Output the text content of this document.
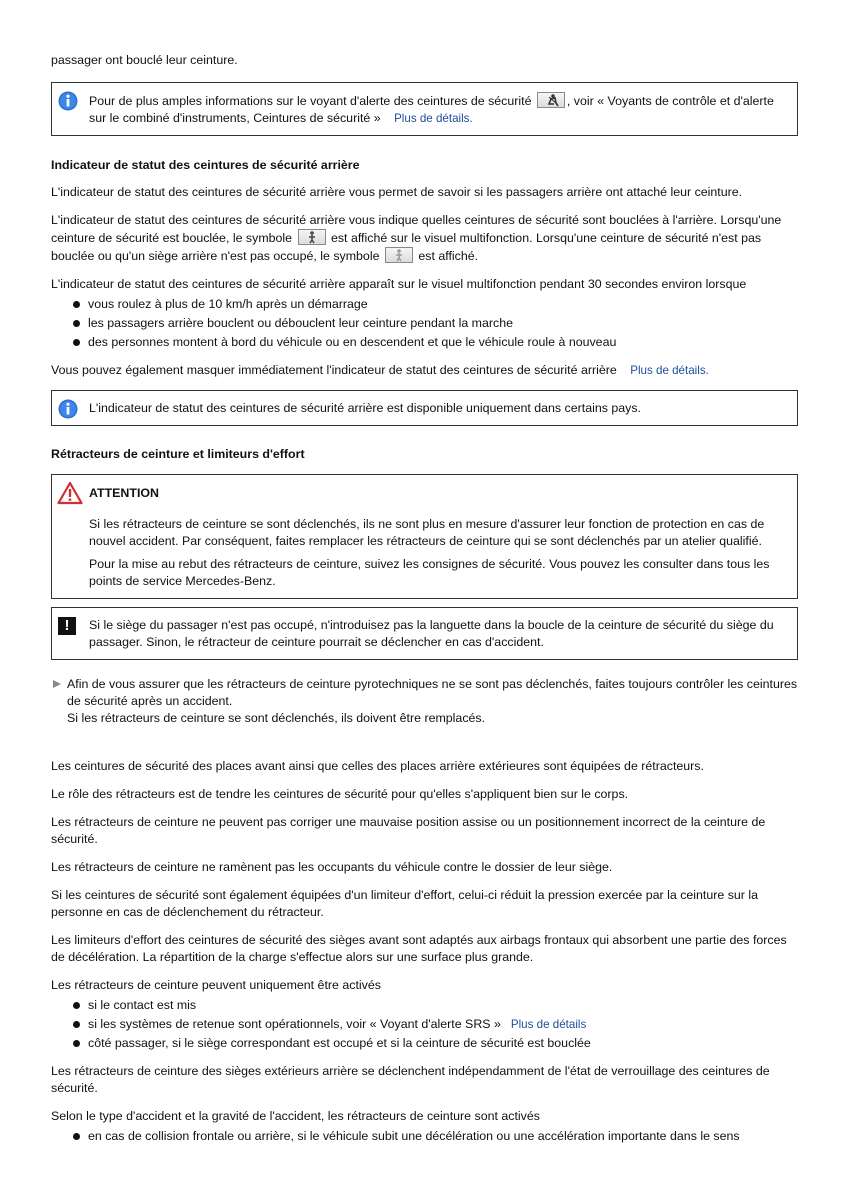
passager ont bouclé leur ceinture.

Pour de plus amples informations sur le voyant d'alerte des ceintures de sécurité	, voir « Voyants de contrôle et d'alerte sur le combiné d'instruments, Ceintures de sécurité » Plus de détails.

Indicateur de statut des ceintures de sécurité arrière

L'indicateur de statut des ceintures de sécurité arrière vous permet de savoir si les passagers arrière ont attaché leur ceinture.

L'indicateur de statut des ceintures de sécurité arrière vous indique quelles ceintures de sécurité sont bouclées à l'arrière. Lorsqu'une ceinture de sécurité est bouclée, le symbole	est affiché sur le visuel multifonction. Lorsqu'une ceinture de sécurité n'est pas bouclée ou qu'un siège arrière n'est pas occupé, le symbole	est affiché.

L'indicateur de statut des ceintures de sécurité arrière apparaît sur le visuel multifonction pendant 30 secondes environ lorsque

vous roulez à plus de 10 km/h après un démarrage
les passagers arrière bouclent ou débouclent leur ceinture pendant la marche
des personnes montent à bord du véhicule ou en descendent et que le véhicule roule à nouveau

Vous pouvez également masquer immédiatement l'indicateur de statut des ceintures de sécurité arrière Plus de détails.

L'indicateur de statut des ceintures de sécurité arrière est disponible uniquement dans certains pays.

Rétracteurs de ceinture et limiteurs d'effort

ATTENTION

Si les rétracteurs de ceinture se sont déclenchés, ils ne sont plus en mesure d'assurer leur fonction de protection en cas de nouvel accident. Par conséquent, faites remplacer les rétracteurs de ceinture qui se sont déclenchés par un atelier qualifié.

Pour la mise au rebut des rétracteurs de ceinture, suivez les consignes de sécurité. Vous pouvez les consulter dans tous les points de service Mercedes-Benz.

!	Si le siège du passager n'est pas occupé, n'introduisez pas la languette dans la boucle de la ceinture de sécurité du siège du passager. Sinon, le rétracteur de ceinture pourrait se déclencher en cas d'accident.

Afin de vous assurer que les rétracteurs de ceinture pyrotechniques ne se sont pas déclenchés, faites toujours contrôler les ceintures de sécurité après un accident.

Si les rétracteurs de ceinture se sont déclenchés, ils doivent être remplacés.

Les ceintures de sécurité des places avant ainsi que celles des places arrière extérieures sont équipées de rétracteurs.

Le rôle des rétracteurs est de tendre les ceintures de sécurité pour qu'elles s'appliquent bien sur le corps.

Les rétracteurs de ceinture ne peuvent pas corriger une mauvaise position assise ou un positionnement incorrect de la ceinture de sécurité.

Les rétracteurs de ceinture ne ramènent pas les occupants du véhicule contre le dossier de leur siège.

Si les ceintures de sécurité sont également équipées d'un limiteur d'effort, celui-ci réduit la pression exercée par la ceinture sur la personne en cas de déclenchement du rétracteur.

Les limiteurs d'effort des ceintures de sécurité des sièges avant sont adaptés aux airbags frontaux qui absorbent une partie des forces de décélération. La répartition de la charge s'effectue alors sur une surface plus grande.

Les rétracteurs de ceinture peuvent uniquement être activés

si le contact est mis
si les systèmes de retenue sont opérationnels, voir « Voyant d'alerte SRS » Plus de détails
côté passager, si le siège correspondant est occupé et si la ceinture de sécurité est bouclée

Les rétracteurs de ceinture des sièges extérieurs arrière se déclenchent indépendamment de l'état de verrouillage des ceintures de sécurité.

Selon le type d'accident et la gravité de l'accident, les rétracteurs de ceinture sont activés

en cas de collision frontale ou arrière, si le véhicule subit une décélération ou une accélération importante dans le sens
